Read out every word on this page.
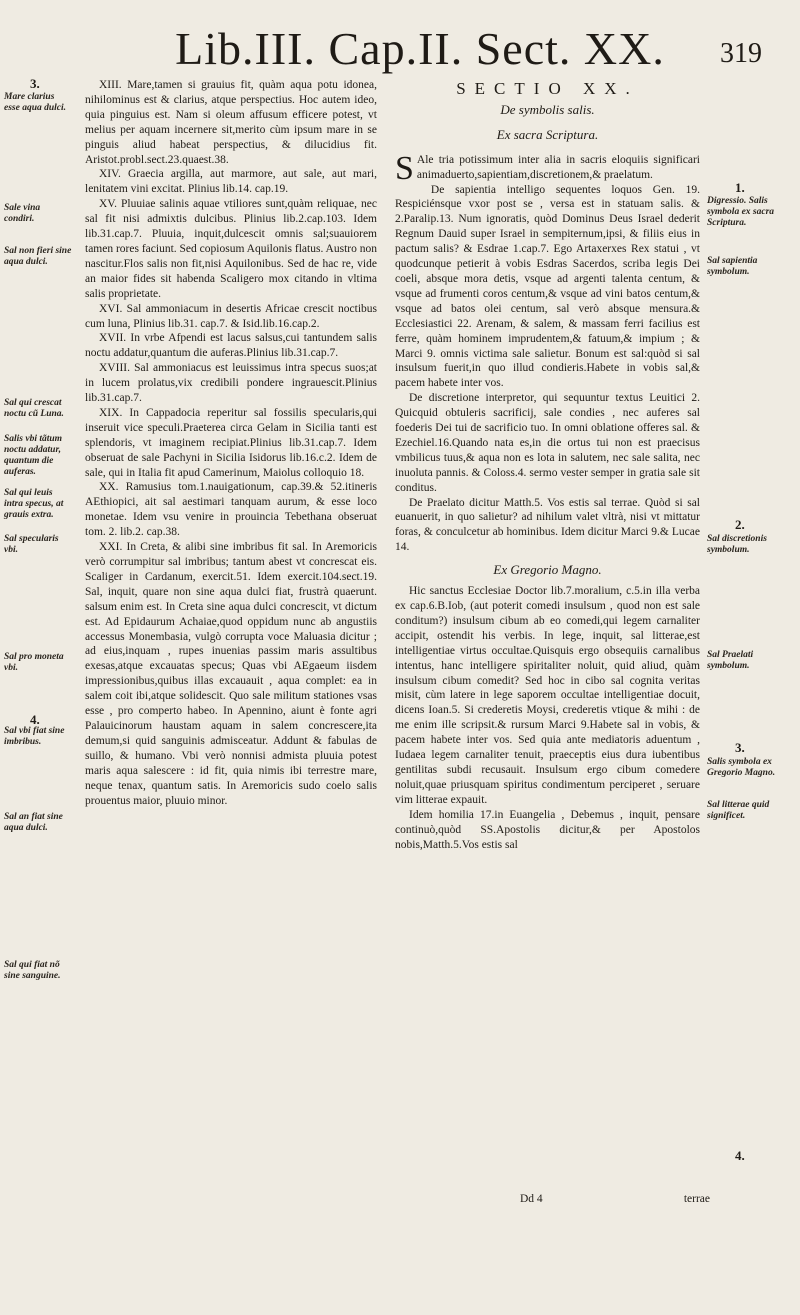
Lib.III. Cap.II. Sect. XX.	319
3.
Mare clarius esse aqua dulci.
Sale vina condiri.
Sal non fieri sine aqua dulci.
Sal qui crescat noctu cũ Luna.
Salis vbi tãtum noctu addatur, quantum die auferas.
Sal qui leuis intra specus, at grauis extra.
Sal specularis vbi.
Sal pro moneta vbi.
4.
Sal vbi fiat sine imbribus.
Sal an fiat sine aqua dulci.
Sal qui fiat nõ sine sanguine.
1.
Digressio. Salis symbola ex sacra Scriptura.
Sal sapientia symbolum.
2.
Sal discretionis symbolum.
Sal Praelati symbolum.
3.
Salis symbola ex Gregorio Magno.
Sal litterae quid significet.
4.

XIII. Mare,tamen si grauius fit, quàm aqua potu idonea, nihilominus est & clarius, atque perspectius. Hoc autem ideo, quia pinguius est. Nam si oleum affusum efficere potest, vt melius per aquam incernere sit,merito cùm ipsum mare in se pinguis aliud habeat perspectius, & dilucidius fit. Aristot.probl.sect.23.quaest.38.

XIV. Graecia argilla, aut marmore, aut sale, aut mari, lenitatem vini excitat. Plinius lib.14. cap.19.

XV. Pluuiae salinis aquae vtiliores sunt,quàm reliquae, nec sal fit nisi admixtis dulcibus. Plinius lib.2.cap.103. Idem lib.31.cap.7. Pluuia, inquit,dulcescit omnis sal;suauiorem tamen rores faciunt. Sed copiosum Aquilonis flatus. Austro non nascitur.Flos salis non fit,nisi Aquilonibus. Sed de hac re, vide an maior fides sit habenda Scaligero mox citando in vltima salis proprietate.

XVI. Sal ammoniacum in desertis Africae crescit noctibus cum luna, Plinius lib.31. cap.7. & Isid.lib.16.cap.2.

XVII. In vrbe Afpendi est lacus salsus,cui tantundem salis noctu addatur,quantum die auferas.Plinius lib.31.cap.7.

XVIII. Sal ammoniacus est leuissimus intra specus suos;at in lucem prolatus,vix credibili pondere ingrauescit.Plinius lib.31.cap.7.

XIX. In Cappadocia reperitur sal fossilis specularis,qui inseruit vice speculi.Praeterea circa Gelam in Sicilia tanti est splendoris, vt imaginem recipiat.Plinius lib.31.cap.7. Idem obseruat de sale Pachyni in Sicilia Isidorus lib.16.c.2. Idem de sale, qui in Italia fit apud Camerinum, Maiolus colloquio 18.

XX. Ramusius tom.1.nauigationum, cap.39.& 52.itineris AEthiopici, ait sal aestimari tanquam aurum, & esse loco monetae. Idem vsu venire in prouincia Tebethana obseruat tom. 2. lib.2. cap.38.

XXI. In Creta, & alibi sine imbribus fit sal. In Aremoricis verò corrumpitur sal imbribus; tantum abest vt concrescat eis. Scaliger in Cardanum, exercit.51. Idem exercit.104.sect.19. Sal, inquit, quare non sine aqua dulci fiat, frustrà quaerunt. salsum enim est. In Creta sine aqua dulci concrescit, vt dictum est. Ad Epidaurum Achaiae,quod oppidum nunc ab angustiis accessus Monembasia, vulgò corrupta voce Maluasia dicitur ; ad eius,inquam , rupes inuenias passim maris assultibus exesas,atque excauatas specus; Quas vbi AEgaeum iisdem impressionibus,quibus illas excauauit , aqua complet: ea in salem coit ibi,atque solidescit. Quo sale militum stationes vsas esse , pro comperto habeo. In Apennino, aiunt è fonte agri Palauicinorum haustam aquam in salem concrescere,ita demum,si quid sanguinis admisceatur. Addunt & fabulas de suillo, & humano. Vbi verò nonnisi admista pluuia potest maris aqua salescere : id fit, quia nimis ibi terrestre mare, neque tenax, quantum satis. In Aremoricis sudo coelo salis prouentus maior, pluuio minor.

SECTIO XX.
De symbolis salis.
Ex sacra Scriptura.

S Ale tria potissimum inter alia in sacris eloquiis significari animaduerto,sapientiam,discretionem,& praelatum.

De sapientia intelligo sequentes loquos Gen. 19. Respiciénsque vxor post se , versa est in statuam salis. & 2.Paralip.13. Num ignoratis, quòd Dominus Deus Israel dederit Regnum Dauid super Israel in sempiternum,ipsi, & filiis eius in pactum salis? & Esdrae 1.cap.7. Ego Artaxerxes Rex statui , vt quodcunque petierit à vobis Esdras Sacerdos, scriba legis Dei coeli, absque mora detis, vsque ad argenti talenta centum, & vsque ad frumenti coros centum,& vsque ad vini batos centum,& vsque ad batos olei centum, sal verò absque mensura.& Ecclesiastici 22. Arenam, & salem, & massam ferri facilius est ferre, quàm hominem imprudentem,& fatuum,& impium ; & Marci 9. omnis victima sale salietur. Bonum est sal:quòd si sal insulsum fuerit,in quo illud condieris.Habete in vobis sal,& pacem habete inter vos.

De discretione interpretor, qui sequuntur textus Leuitici 2. Quicquid obtuleris sacrificij, sale condies , nec auferes sal foederis Dei tui de sacrificio tuo. In omni oblatione offeres sal. & Ezechiel.16.Quando nata es,in die ortus tui non est praecisus vmbilicus tuus,& aqua non es lota in salutem, nec sale salita, nec inuoluta pannis. & Coloss.4. sermo vester semper in gratia sale sit conditus.

De Praelato dicitur Matth.5. Vos estis sal terrae. Quòd si sal euanuerit, in quo salietur? ad nihilum valet vltrà, nisi vt mittatur foras, & conculcetur ab hominibus. Idem dicitur Marci 9.& Lucae 14.

Ex Gregorio Magno.

Hic sanctus Ecclesiae Doctor lib.7.moralium, c.5.in illa verba ex cap.6.B.Iob, (aut poterit comedi insulsum , quod non est sale conditum?) insulsum cibum ab eo comedi,qui legem carnaliter accipit, ostendit his verbis. In lege, inquit, sal litterae,est intelligentiae virtus occultae.Quisquis ergo obsequiis carnalibus intentus, hanc intelligere spiritaliter noluit, quid aliud, quàm insulsum cibum comedit? Sed hoc in cibo sal cognita veritas misit, cùm latere in lege saporem occultae intelligentiae docuit, dicens Ioan.5. Si crederetis Moysi, crederetis vtique & mihi : de me enim ille scripsit.& rursum Marci 9.Habete sal in vobis, & pacem habete inter vos. Sed quia ante mediatoris aduentum , Iudaea legem carnaliter tenuit, praeceptis eius dura iubentibus gentilitas subdi recusauit. Insulsum ergo cibum comedere noluit,quae priusquam spiritus condimentum perciperet , seruare vim litterae expauit.

Idem homilia 17.in Euangelia , Debemus , inquit, pensare continuò,quòd SS.Apostolis dicitur,& per Apostolos nobis,Matth.5.Vos estis sal

Dd 4	terrae
